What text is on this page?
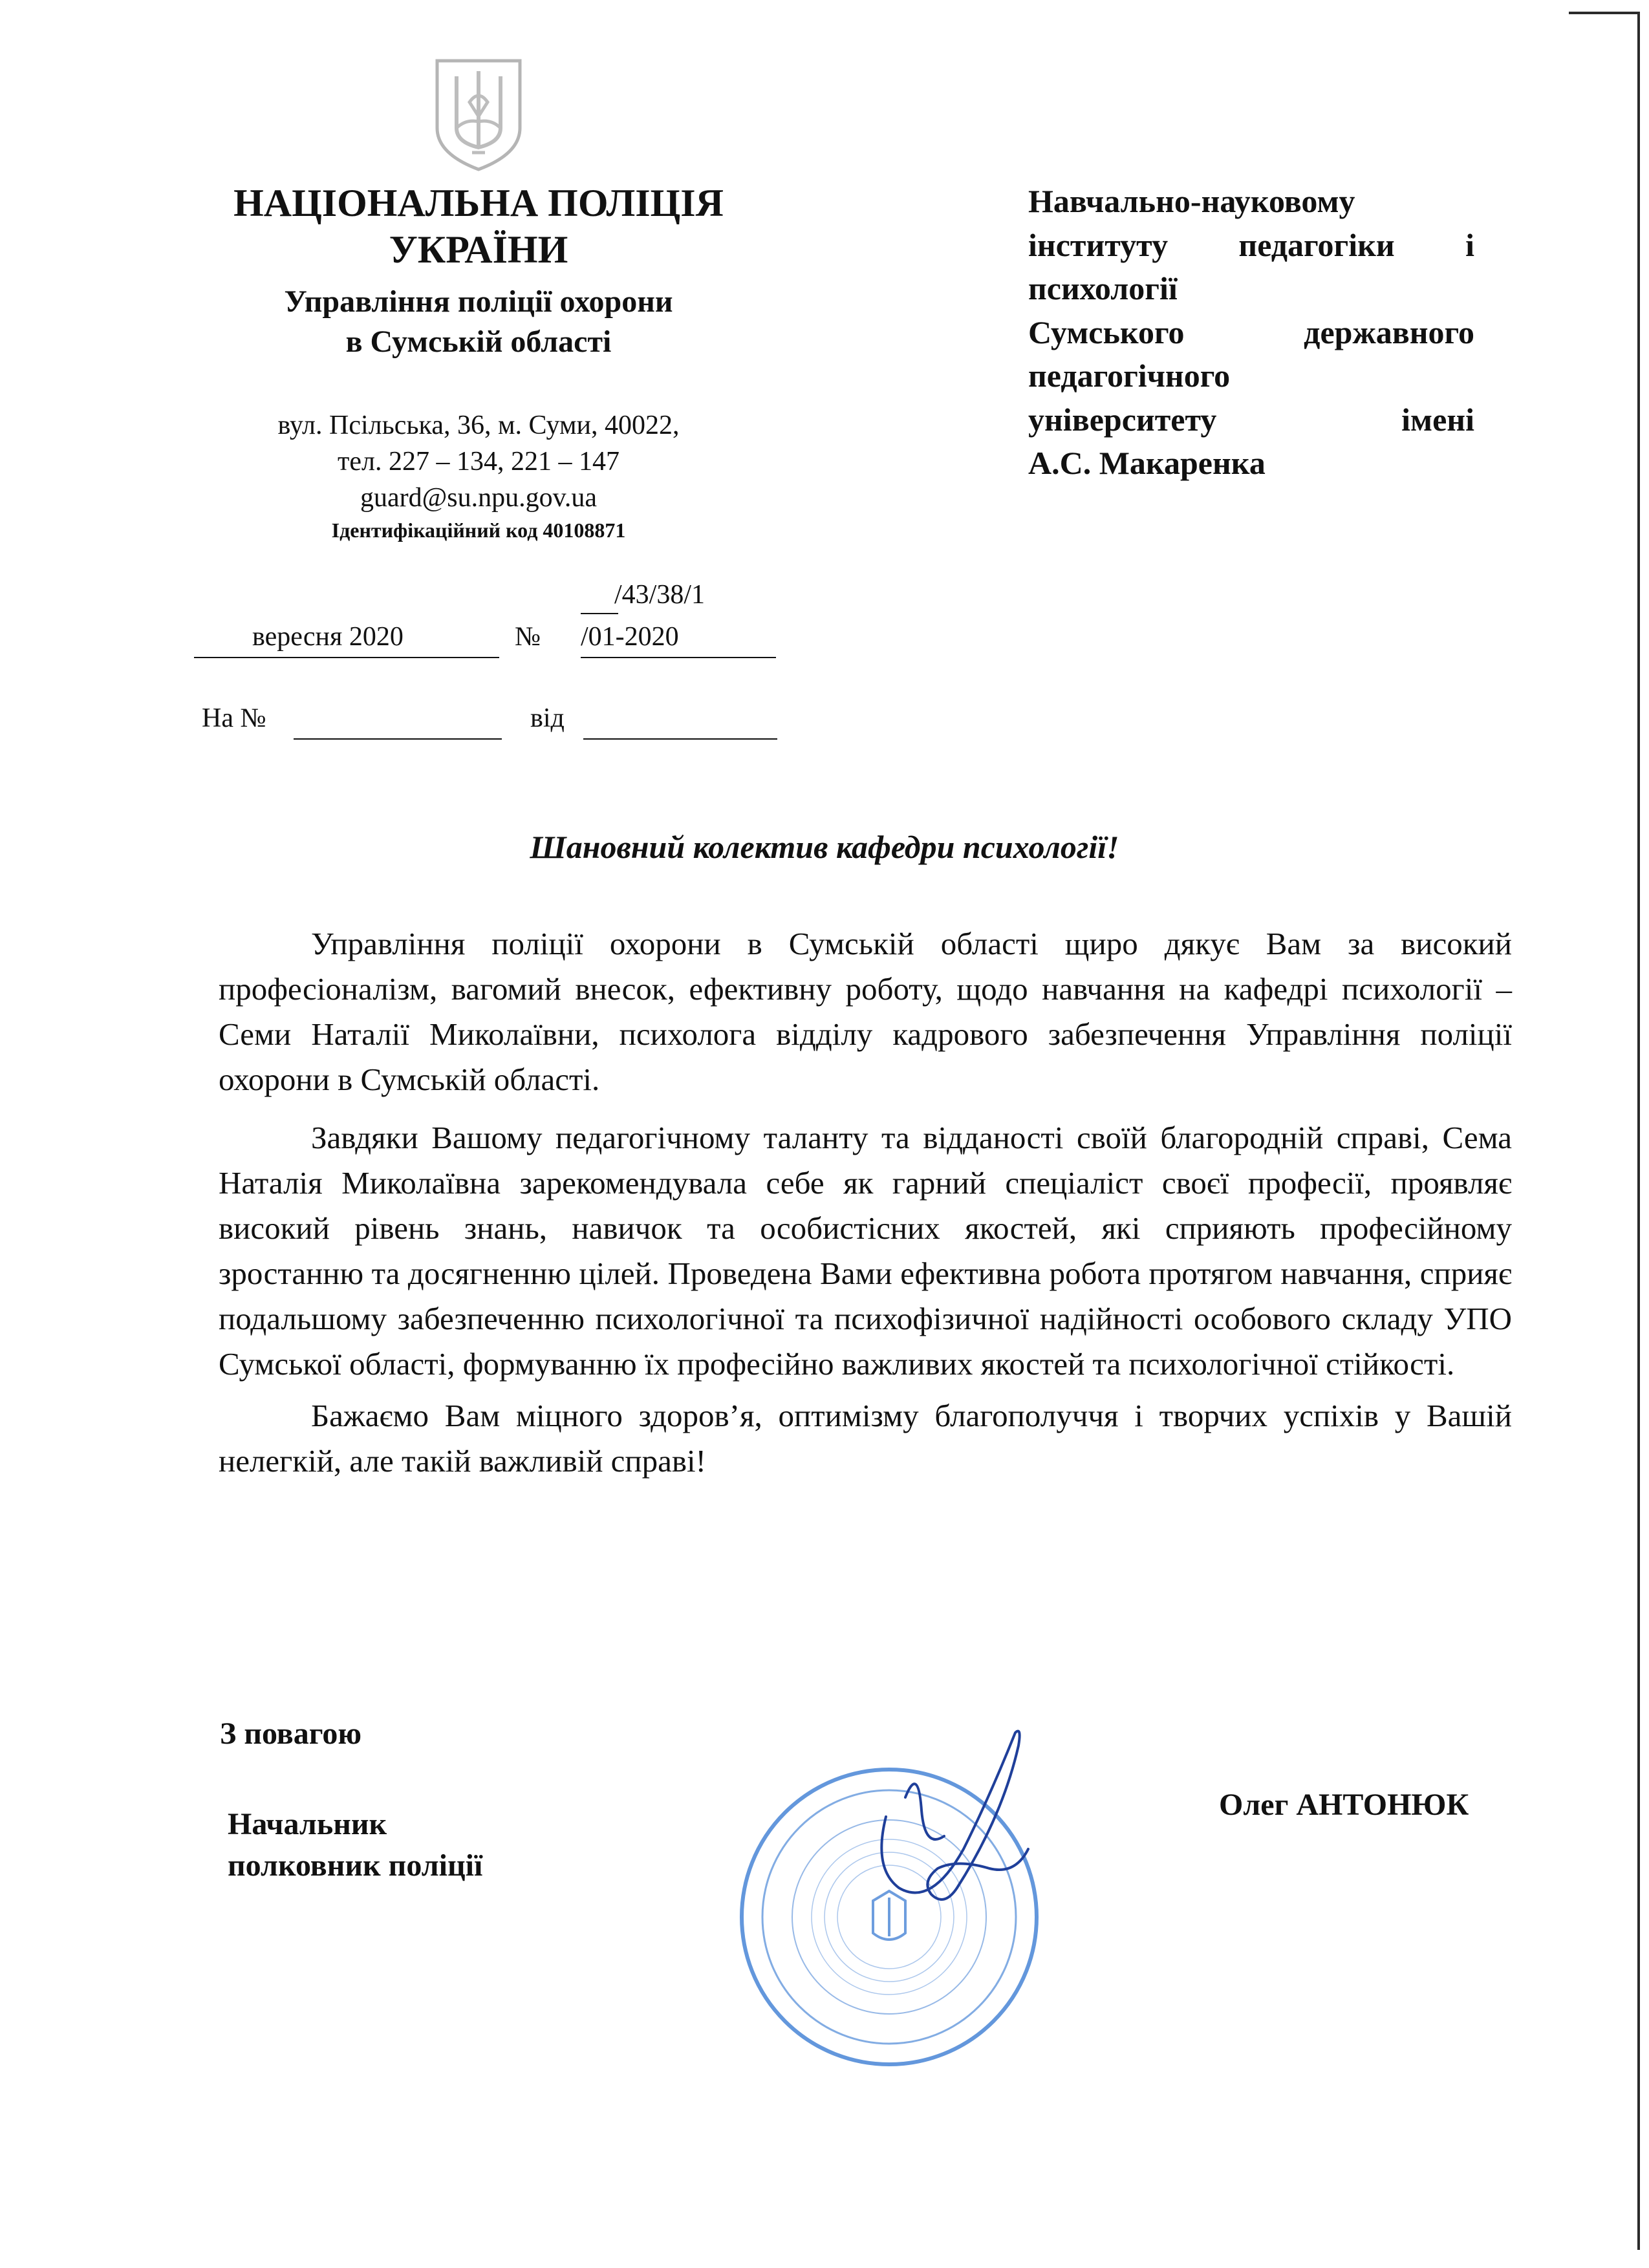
НАЦІОНАЛЬНА ПОЛІЦІЯ
УКРАЇНИ
Управління поліції охорони
в Сумській області
вул. Псільська, 36, м. Суми, 40022,
тел. 227 – 134, 221 – 147
guard@su.npu.gov.ua
Ідентифікаційний код 40108871
Навчально-науковому
інституту педагогіки і
психології
Сумського	державного
педагогічного
університету	імені
А.С. Макаренка
вересня 2020	№
/43/38/1
/01-2020
На №	від
Шановний колектив кафедри психології!

Управління поліції охорони в Сумській області щиро дякує Вам за високий професіоналізм, вагомий внесок, ефективну роботу, щодо навчання на кафедрі психології – Семи Наталії Миколаївни, психолога відділу кадрового забезпечення Управління поліції охорони в Сумській області.

Завдяки Вашому педагогічному таланту та відданості своїй благородній справі, Сема Наталія Миколаївна зарекомендувала себе як гарний спеціаліст своєї професії, проявляє високий рівень знань, навичок та особистісних якостей, які сприяють професійному зростанню та досягненню цілей. Проведена Вами ефективна робота протягом навчання, сприяє подальшому забезпеченню психологічної та психофізичної надійності особового складу УПО Сумської області, формуванню їх професійно важливих якостей та психологічної стійкості.

Бажаємо Вам міцного здоров’я, оптимізму благополуччя і творчих успіхів у Вашій нелегкій, але такій важливій справі!

З повагою
Начальник
полковник поліції
Олег АНТОНЮК
